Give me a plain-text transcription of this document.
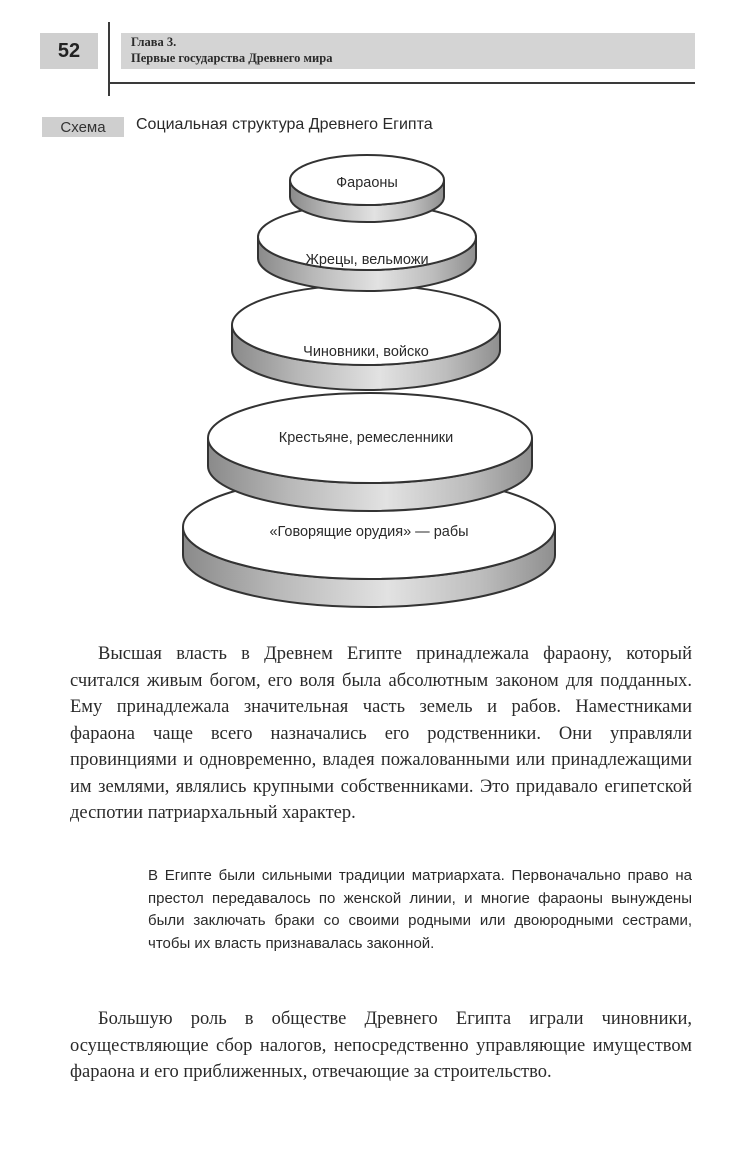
52	Глава 3.
Первые государства Древнего мира
Схема	Социальная структура Древнего Египта
«Говорящие орудия» — рабы
Крестьяне, ремесленники
Чиновники, войско
Жрецы, вельможи
Фараоны

Высшая власть в Древнем Египте принадлежала фараону, который считался живым богом, его воля была абсолютным законом для подданных. Ему принадлежала значительная часть земель и рабов. Наместниками фараона чаще всего назначались его родственники. Они управляли провинциями и одновременно, владея пожалованными или принадлежащими им землями, являлись крупными собственниками. Это придавало египетской деспотии патриархальный характер.

В Египте были сильными традиции матриархата. Первоначально право на престол передавалось по женской линии, и многие фараоны вынуждены были заключать браки со своими родными или двоюродными сестрами, чтобы их власть признавалась законной.

Большую роль в обществе Древнего Египта играли чиновники, осуществляющие сбор налогов, непосредственно управляющие имуществом фараона и его приближенных, отвечающие за строительство.
